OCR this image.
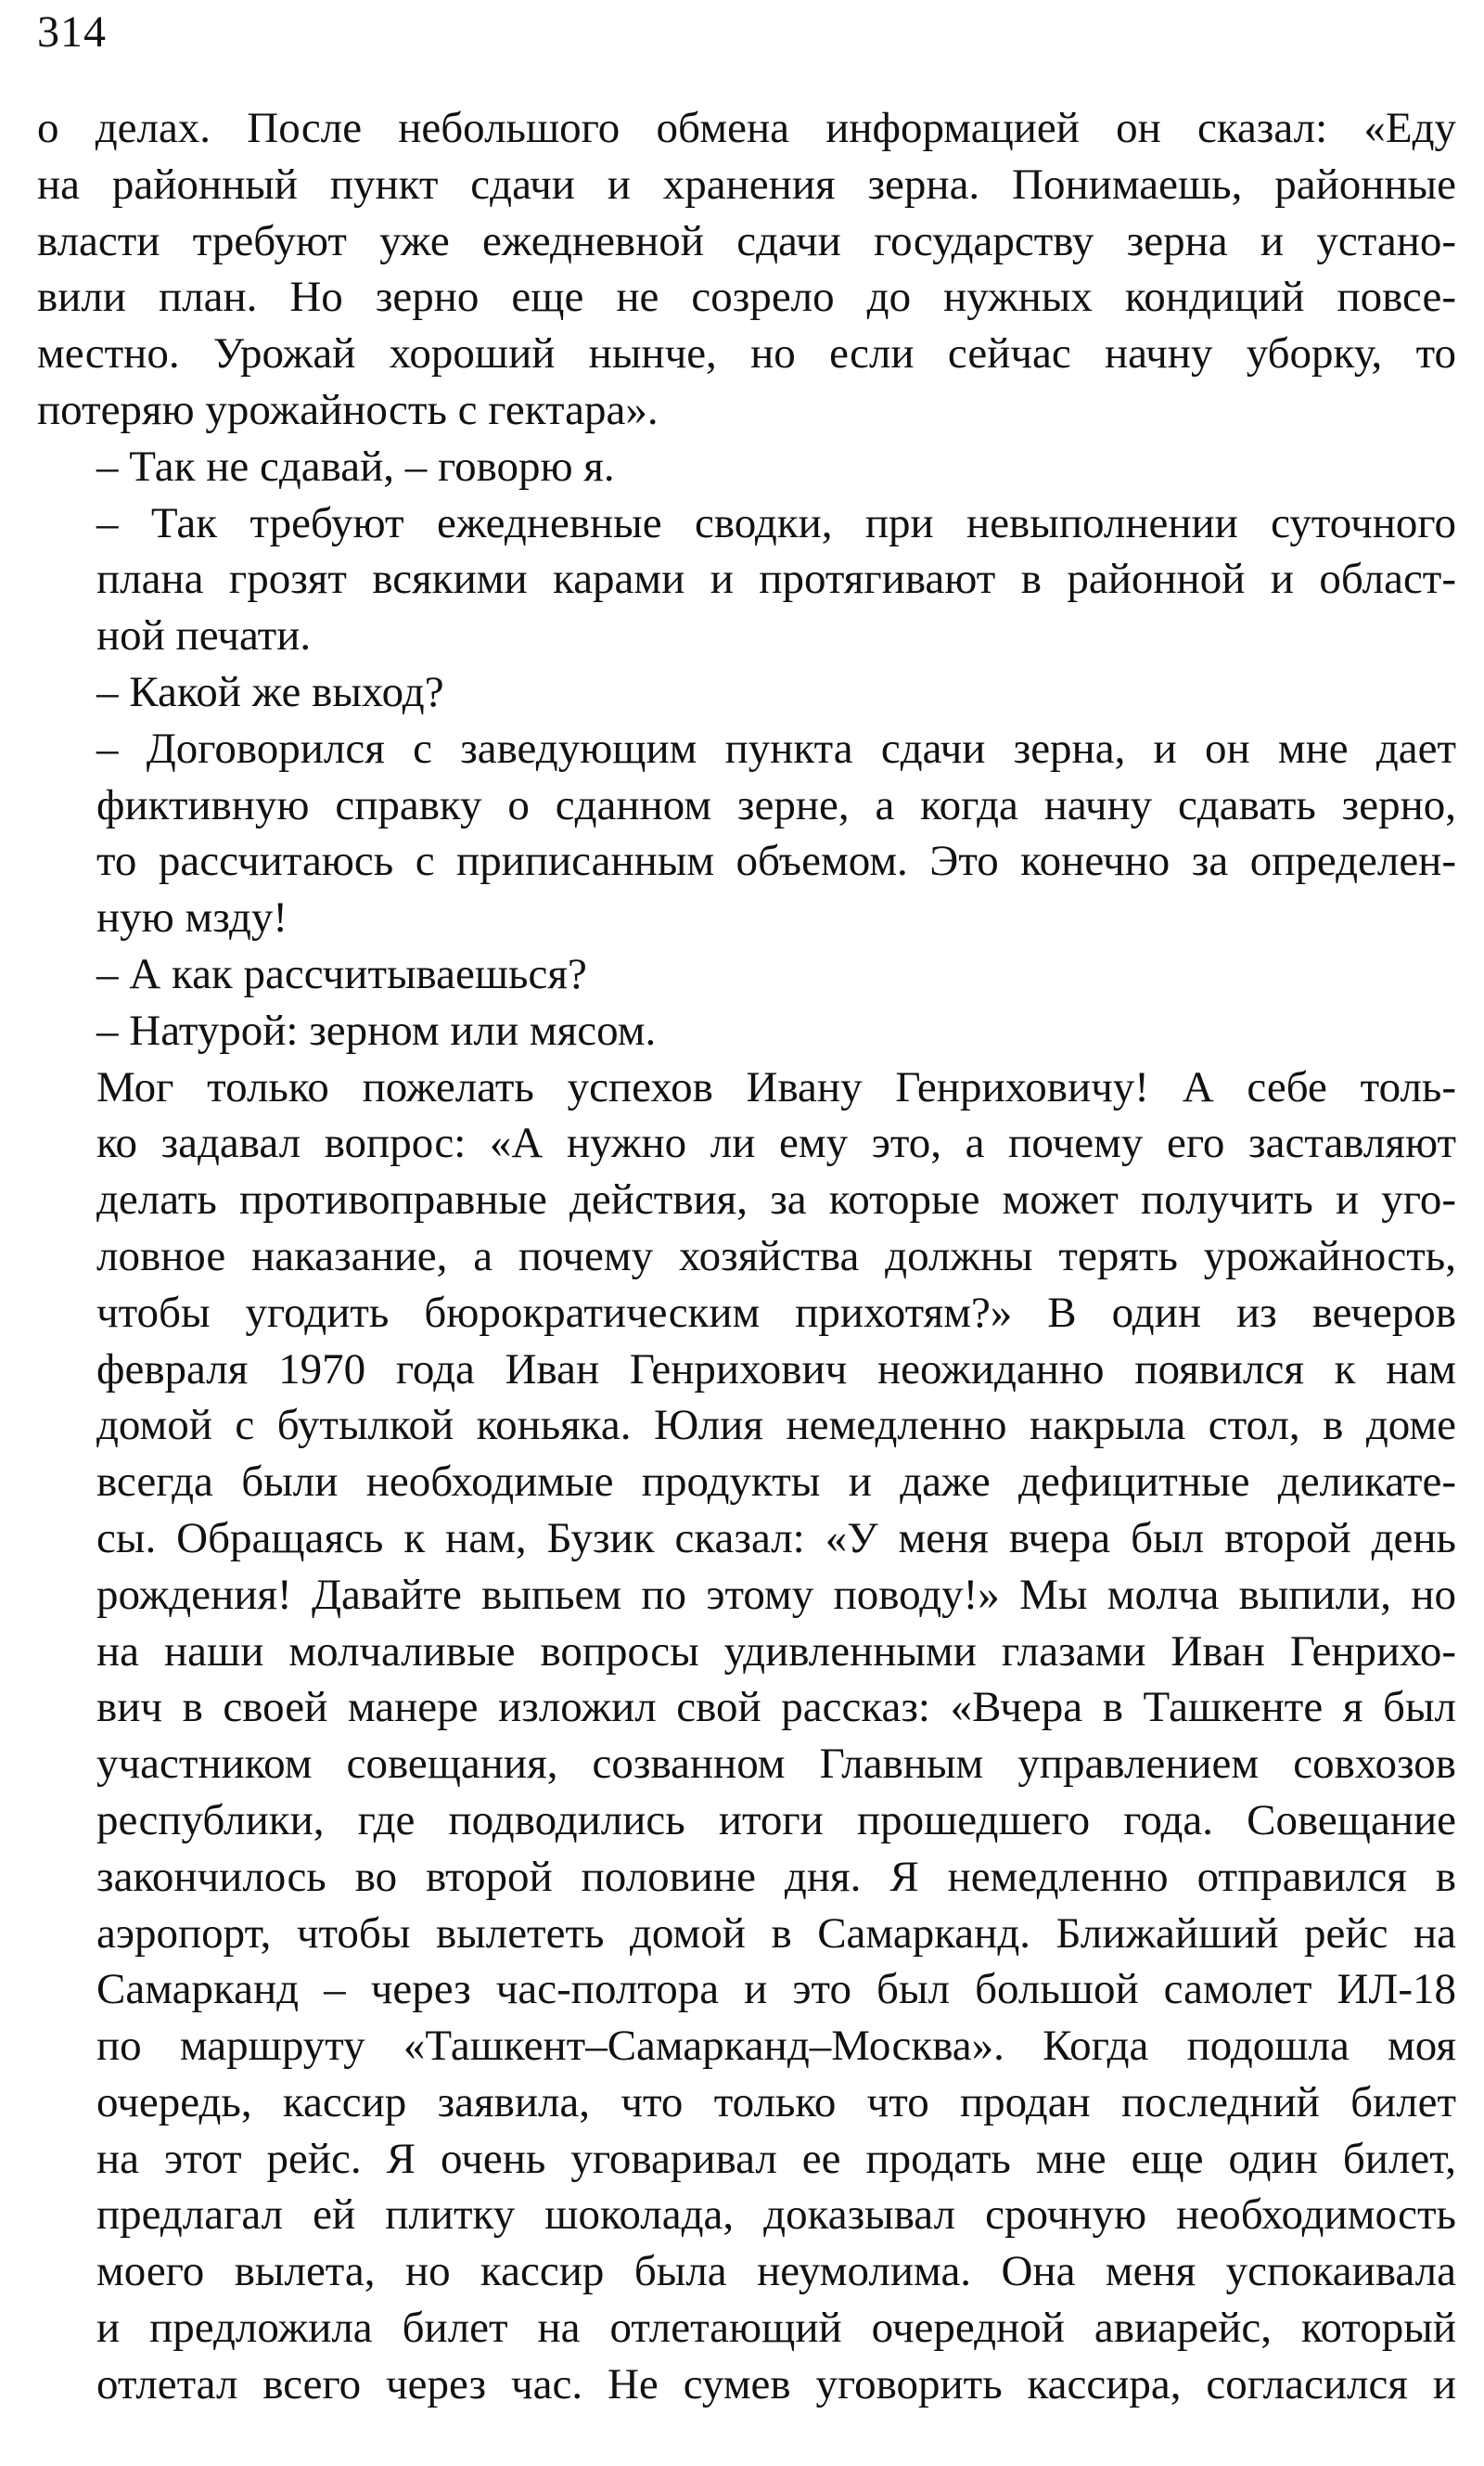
314

о делах. После небольшого обмена информацией он сказал: «Еду
на районный пункт сдачи и хранения зерна. Понимаешь, районные
власти требуют уже ежедневной сдачи государству зерна и устано-
вили план. Но зерно еще не созрело до нужных кондиций повсе-
местно. Урожай хороший нынче, но если сейчас начну уборку, то
потеряю урожайность с гектара».

– Так не сдавай, – говорю я.

– Так требуют ежедневные сводки, при невыполнении суточного
плана грозят всякими карами и протягивают в районной и област-
ной печати.

– Какой же выход?

– Договорился с заведующим пункта сдачи зерна, и он мне дает
фиктивную справку о сданном зерне, а когда начну сдавать зерно,
то рассчитаюсь с приписанным объемом. Это конечно за определен-
ную мзду!

– А как рассчитываешься?

– Натурой: зерном или мясом.

Мог только пожелать успехов Ивану Генриховичу! А себе толь-
ко задавал вопрос: «А нужно ли ему это, а почему его заставляют
делать противоправные действия, за которые может получить и уго-
ловное наказание, а почему хозяйства должны терять урожайность,
чтобы угодить бюрократическим прихотям?» В один из вечеров
февраля 1970 года Иван Генрихович неожиданно появился к нам
домой с бутылкой коньяка. Юлия немедленно накрыла стол, в доме
всегда были необходимые продукты и даже дефицитные деликате-
сы. Обращаясь к нам, Бузик сказал: «У меня вчера был второй день
рождения! Давайте выпьем по этому поводу!» Мы молча выпили, но
на наши молчаливые вопросы удивленными глазами Иван Генрихо-
вич в своей манере изложил свой рассказ: «Вчера в Ташкенте я был
участником совещания, созванном Главным управлением совхозов
республики, где подводились итоги прошедшего года. Совещание
закончилось во второй половине дня. Я немедленно отправился в
аэропорт, чтобы вылететь домой в Самарканд. Ближайший рейс на
Самарканд – через час-полтора и это был большой самолет ИЛ-18
по маршруту «Ташкент–Самарканд–Москва». Когда подошла моя
очередь, кассир заявила, что только что продан последний билет
на этот рейс. Я очень уговаривал ее продать мне еще один билет,
предлагал ей плитку шоколада, доказывал срочную необходимость
моего вылета, но кассир была неумолима. Она меня успокаивала
и предложила билет на отлетающий очередной авиарейс, который
отлетал всего через час. Не сумев уговорить кассира, согласился и
